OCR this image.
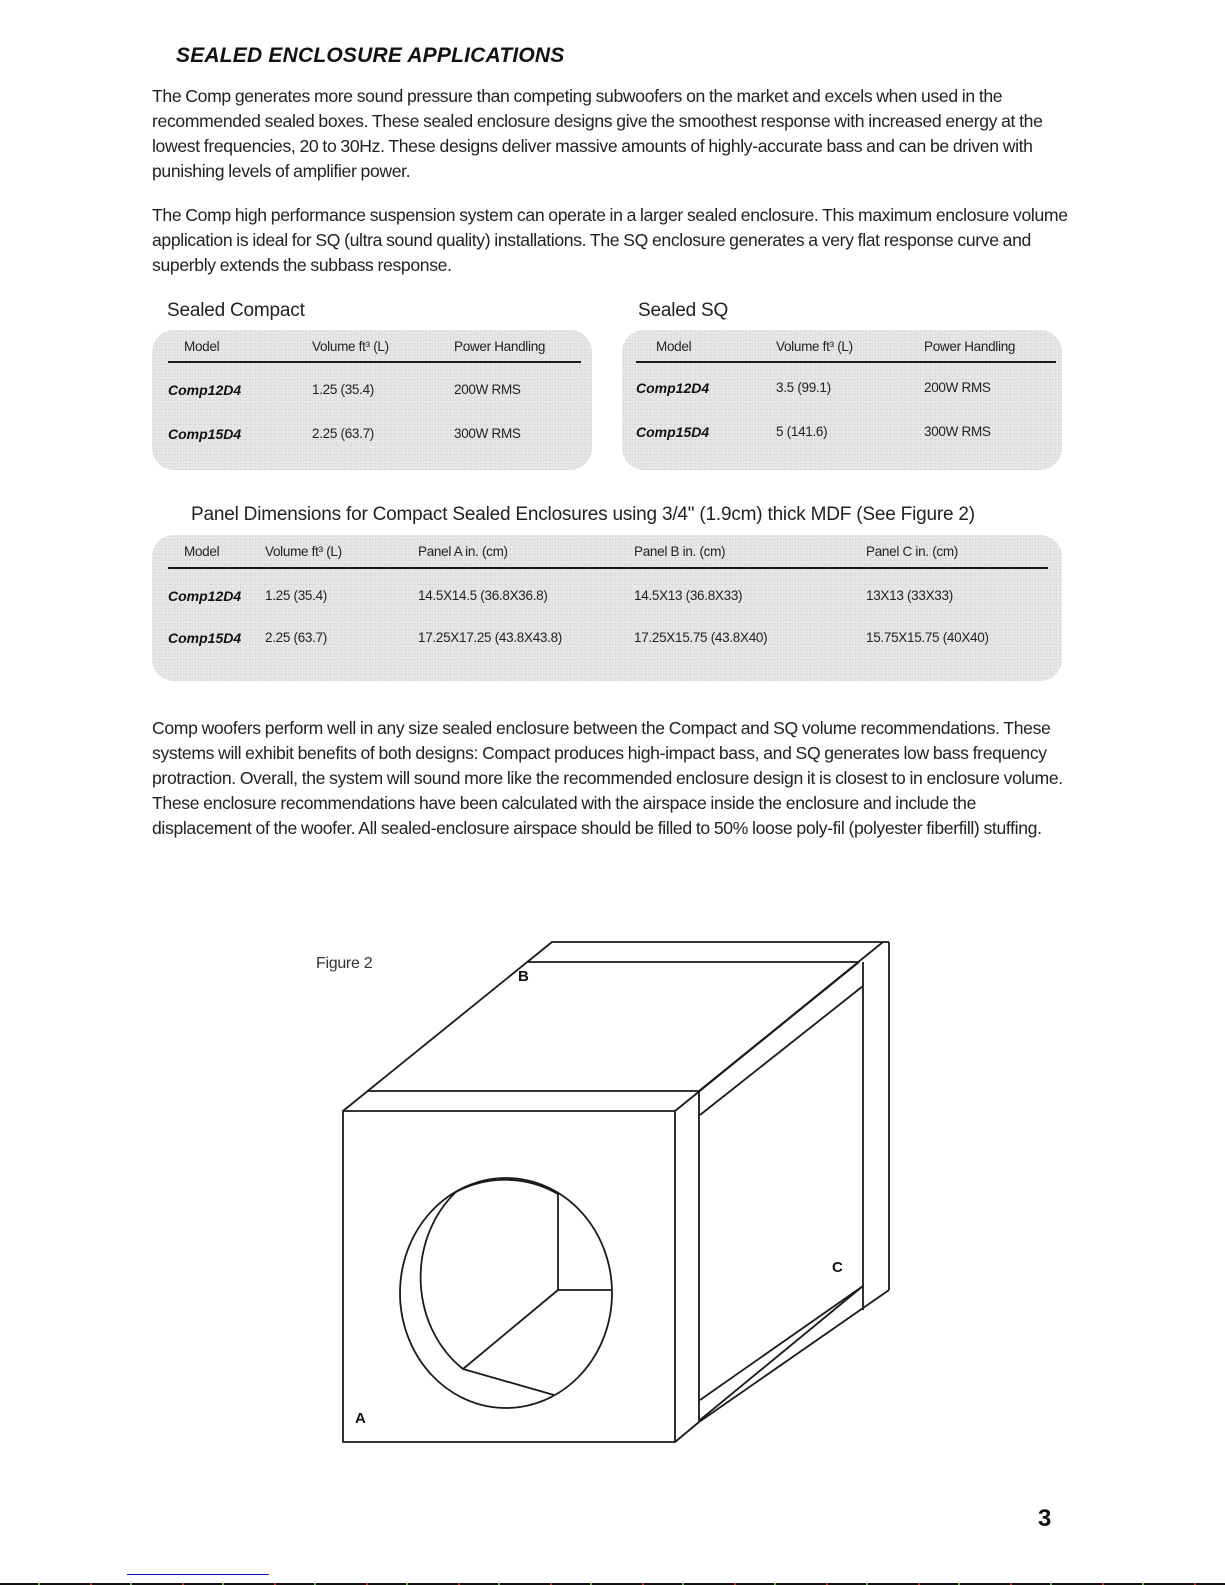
SEALED ENCLOSURE APPLICATIONS
The Comp generates more sound pressure than competing subwoofers on the market and excels when used in the recommended sealed boxes. These sealed enclosure designs give the smoothest response with increased energy at the lowest frequencies, 20 to 30Hz. These designs deliver massive amounts of highly-accurate bass and can be driven with punishing levels of amplifier power.
The Comp high performance suspension system can operate in a larger sealed enclosure. This maximum enclosure volume application is ideal for SQ (ultra sound quality) installations. The SQ enclosure generates a very flat response curve and superbly extends the subbass response.
Sealed Compact
Model	Volume ft³ (L)	Power Handling
Comp12D4	1.25 (35.4)	200W RMS
Comp15D4	2.25 (63.7)	300W RMS
Sealed SQ
Model	Volume ft³ (L)	Power Handling
Comp12D4	3.5 (99.1)	200W RMS
Comp15D4	5 (141.6)	300W RMS
Panel Dimensions for Compact Sealed Enclosures using 3/4" (1.9cm) thick MDF (See Figure 2)
Model	Volume ft³ (L)	Panel A in. (cm)	Panel B in. (cm)	Panel C in. (cm)
Comp12D4 1.25 (35.4)	14.5X14.5 (36.8X36.8)	14.5X13 (36.8X33)	13X13 (33X33)
Comp15D4 2.25 (63.7)	17.25X17.25 (43.8X43.8)	17.25X15.75 (43.8X40)	15.75X15.75 (40X40)
Comp woofers perform well in any size sealed enclosure between the Compact and SQ volume recommendations. These systems will exhibit benefits of both designs: Compact produces high-impact bass, and SQ generates low bass frequency protraction. Overall, the system will sound more like the recommended enclosure design it is closest to in enclosure volume. These enclosure recommendations have been calculated with the airspace inside the enclosure and include the displacement of the woofer. All sealed-enclosure airspace should be filled to 50% loose poly-fil (polyester fiberfill) stuffing.
Figure 2
B
A
C
3
